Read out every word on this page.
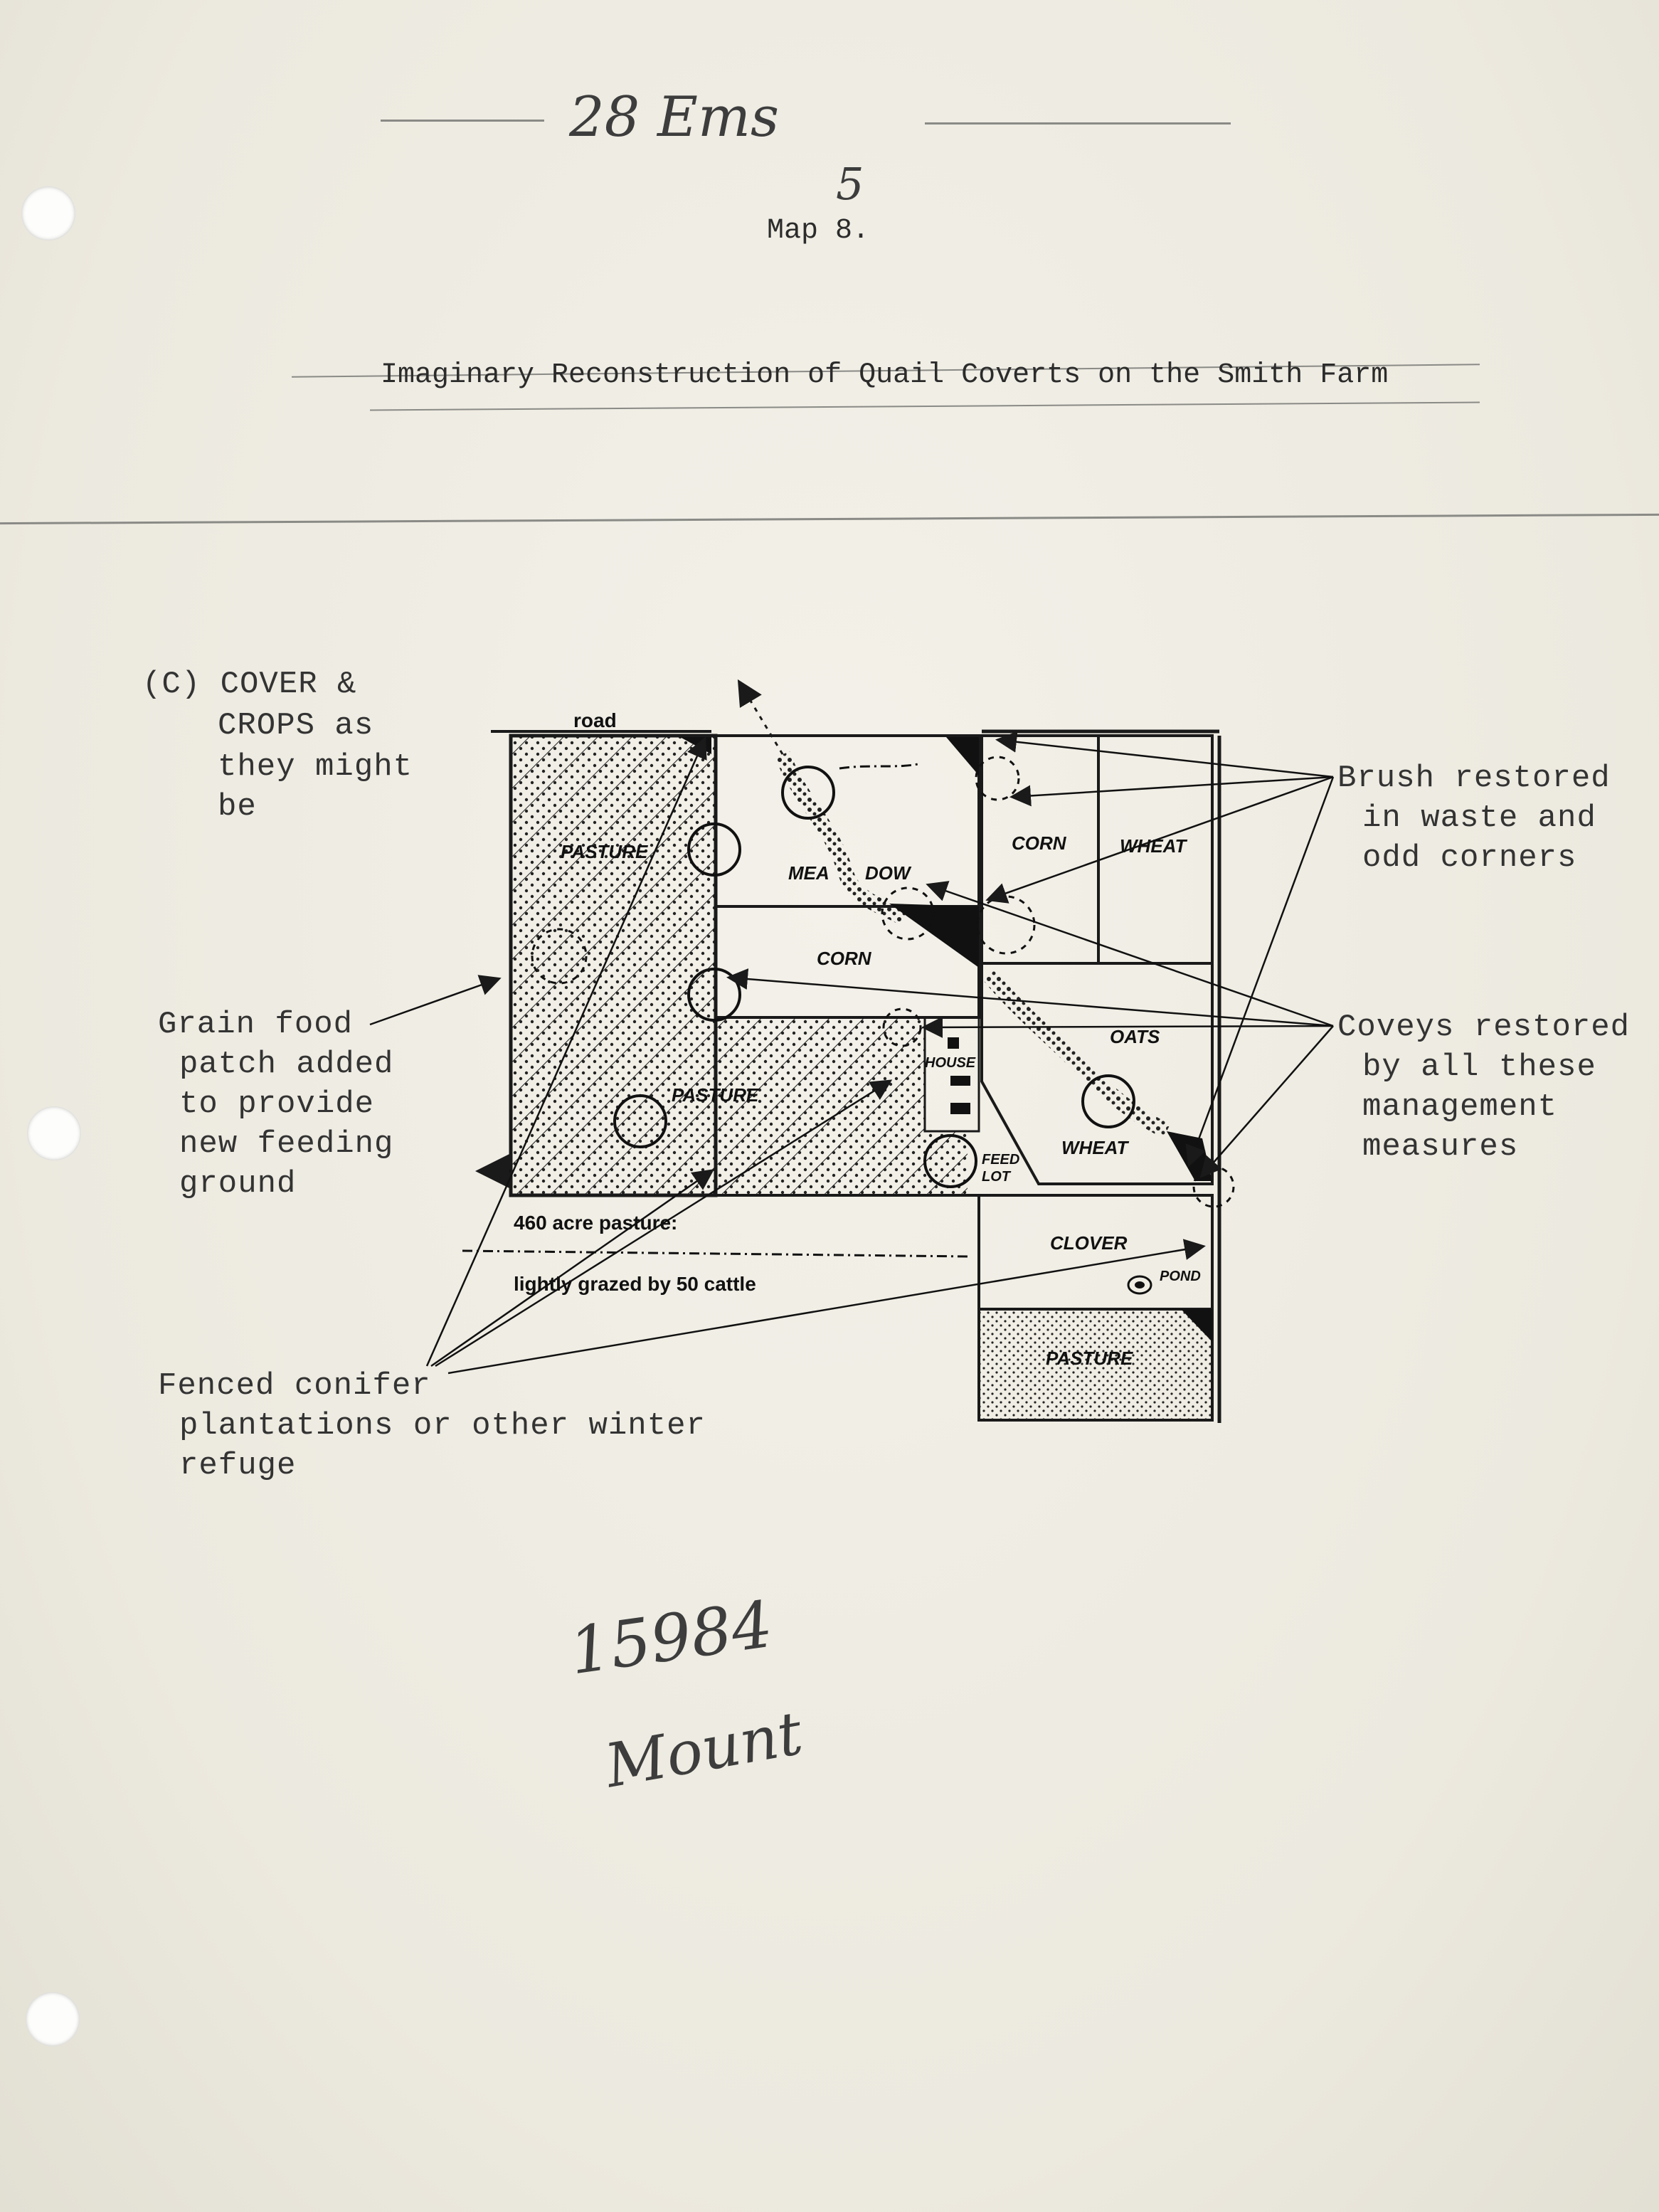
28 Ems
5
Map 8.
Imaginary Reconstruction of Quail Coverts on the Smith Farm
(C) COVER &
CROPS as
they might
be
Brush restored
in waste and
odd corners
Coveys restored
by all these
management
measures
Grain food
patch added
to provide
new feeding
ground
Fenced conifer
plantations or other winter
refuge
road
PASTURE
MEA DOW
CORN	WHEAT
CORN
OATS
HOUSE
PASTURE
WHEAT
FEED
LOT
460 acre pasture:
lightly grazed by 50 cattle
CLOVER
POND
PASTURE
15984
Mount
